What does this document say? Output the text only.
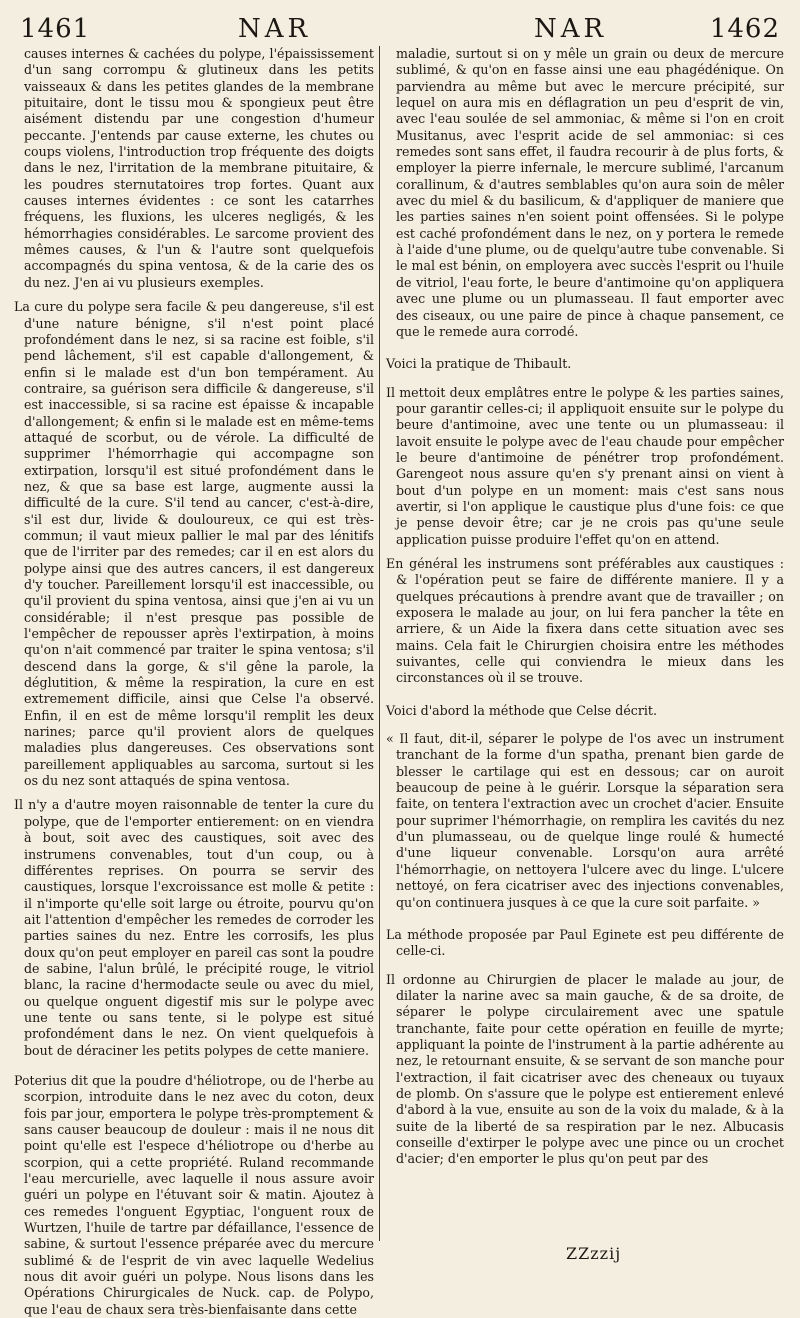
1461	NAR	NAR	1462

causes internes & cachées du polype, l'épaississement d'un sang corrompu & glutineux dans les petits vaisseaux & dans les petites glandes de la membrane pituitaire, dont le tissu mou & spongieux peut être aisément distendu par une congestion d'humeur peccante. J'entends par cause externe, les chutes ou coups violens, l'introduction trop fréquente des doigts dans le nez, l'irritation de la membrane pituitaire, & les poudres sternutatoires trop fortes. Quant aux causes internes évidentes : ce sont les catarrhes fréquens, les fluxions, les ulceres negligés, & les hémorrhagies considérables. Le sarcome provient des mêmes causes, & l'un & l'autre sont quelquefois accompagnés du spina ventosa, & de la carie des os du nez. J'en ai vu plusieurs exemples.

La cure du polype sera facile & peu dangereuse, s'il est d'une nature bénigne, s'il n'est point placé profondément dans le nez, si sa racine est foible, s'il pend lâchement, s'il est capable d'allongement, & enfin si le malade est d'un bon tempérament. Au contraire, sa guérison sera difficile & dangereuse, s'il est inaccessible, si sa racine est épaisse & incapable d'allongement; & enfin si le malade est en même-tems attaqué de scorbut, ou de vérole. La difficulté de supprimer l'hémorrhagie qui accompagne son extirpation, lorsqu'il est situé profondément dans le nez, & que sa base est large, augmente aussi la difficulté de la cure. S'il tend au cancer, c'est-à-dire, s'il est dur, livide & douloureux, ce qui est très-commun; il vaut mieux pallier le mal par des lénitifs que de l'irriter par des remedes; car il en est alors du polype ainsi que des autres cancers, il est dangereux d'y toucher. Pareillement lorsqu'il est inaccessible, ou qu'il provient du spina ventosa, ainsi que j'en ai vu un considérable; il n'est presque pas possible de l'empêcher de repousser après l'extirpation, à moins qu'on n'ait commencé par traiter le spina ventosa; s'il descend dans la gorge, & s'il gêne la parole, la déglutition, & même la respiration, la cure en est extremement difficile, ainsi que Celse l'a observé. Enfin, il en est de même lorsqu'il remplit les deux narines; parce qu'il provient alors de quelques maladies plus dangereuses. Ces observations sont pareillement appliquables au sarcoma, surtout si les os du nez sont attaqués de spina ventosa.

Il n'y a d'autre moyen raisonnable de tenter la cure du polype, que de l'emporter entierement: on en viendra à bout, soit avec des caustiques, soit avec des instrumens convenables, tout d'un coup, ou à différentes reprises. On pourra se servir des caustiques, lorsque l'excroissance est molle & petite : il n'importe qu'elle soit large ou étroite, pourvu qu'on ait l'attention d'empêcher les remedes de corroder les parties saines du nez. Entre les corrosifs, les plus doux qu'on peut employer en pareil cas sont la poudre de sabine, l'alun brûlé, le précipité rouge, le vitriol blanc, la racine d'hermodacte seule ou avec du miel, ou quelque onguent digestif mis sur le polype avec une tente ou sans tente, si le polype est situé profondément dans le nez. On vient quelquefois à bout de déraciner les petits polypes de cette maniere.

Poterius dit que la poudre d'héliotrope, ou de l'herbe au scorpion, introduite dans le nez avec du coton, deux fois par jour, emportera le polype très-promptement & sans causer beaucoup de douleur : mais il ne nous dit point qu'elle est l'espece d'héliotrope ou d'herbe au scorpion, qui a cette propriété. Ruland recommande l'eau mercurielle, avec laquelle il nous assure avoir guéri un polype en l'étuvant soir & matin. Ajoutez à ces remedes l'onguent Egyptiac, l'onguent roux de Wurtzen, l'huile de tartre par défaillance, l'essence de sabine, & surtout l'essence préparée avec du mercure sublimé & de l'esprit de vin avec laquelle Wedelius nous dit avoir guéri un polype. Nous lisons dans les Opérations Chirurgicales de Nuck. cap. de Polypo, que l'eau de chaux sera très-bienfaisante dans cette

maladie, surtout si on y mêle un grain ou deux de mercure sublimé, & qu'on en fasse ainsi une eau phagédénique. On parviendra au même but avec le mercure précipité, sur lequel on aura mis en déflagration un peu d'esprit de vin, avec l'eau soulée de sel ammoniac, & même si l'on en croit Musitanus, avec l'esprit acide de sel ammoniac: si ces remedes sont sans effet, il faudra recourir à de plus forts, & employer la pierre infernale, le mercure sublimé, l'arcanum corallinum, & d'autres semblables qu'on aura soin de mêler avec du miel & du basilicum, & d'appliquer de maniere que les parties saines n'en soient point offensées. Si le polype est caché profondément dans le nez, on y portera le remede à l'aide d'une plume, ou de quelqu'autre tube convenable. Si le mal est bénin, on employera avec succès l'esprit ou l'huile de vitriol, l'eau forte, le beure d'antimoine qu'on appliquera avec une plume ou un plumasseau. Il faut emporter avec des ciseaux, ou une paire de pince à chaque pansement, ce que le remede aura corrodé.

Voici la pratique de Thibault.

Il mettoit deux emplâtres entre le polype & les parties saines, pour garantir celles-ci; il appliquoit ensuite sur le polype du beure d'antimoine, avec une tente ou un plumasseau: il lavoit ensuite le polype avec de l'eau chaude pour empêcher le beure d'antimoine de pénétrer trop profondément. Garengeot nous assure qu'en s'y prenant ainsi on vient à bout d'un polype en un moment: mais c'est sans nous avertir, si l'on applique le caustique plus d'une fois: ce que je pense devoir être; car je ne crois pas qu'une seule application puisse produire l'effet qu'on en attend.

En général les instrumens sont préférables aux caustiques : & l'opération peut se faire de différente maniere. Il y a quelques précautions à prendre avant que de travailler ; on exposera le malade au jour, on lui fera pancher la tête en arriere, & un Aide la fixera dans cette situation avec ses mains. Cela fait le Chirurgien choisira entre les méthodes suivantes, celle qui conviendra le mieux dans les circonstances où il se trouve.

Voici d'abord la méthode que Celse décrit.

« Il faut, dit-il, séparer le polype de l'os avec un instrument tranchant de la forme d'un spatha, prenant bien garde de blesser le cartilage qui est en dessous; car on auroit beaucoup de peine à le guérir. Lorsque la séparation sera faite, on tentera l'extraction avec un crochet d'acier. Ensuite pour suprimer l'hémorrhagie, on remplira les cavités du nez d'un plumasseau, ou de quelque linge roulé & humecté d'une liqueur convenable. Lorsqu'on aura arrêté l'hémorrhagie, on nettoyera l'ulcere avec du linge. L'ulcere nettoyé, on fera cicatriser avec des injections convenables, qu'on continuera jusques à ce que la cure soit parfaite. »

La méthode proposée par Paul Eginete est peu différente de celle-ci.

Il ordonne au Chirurgien de placer le malade au jour, de dilater la narine avec sa main gauche, & de sa droite, de séparer le polype circulairement avec une spatule tranchante, faite pour cette opération en feuille de myrte; appliquant la pointe de l'instrument à la partie adhérente au nez, le retournant ensuite, & se servant de son manche pour l'extraction, il fait cicatriser avec des cheneaux ou tuyaux de plomb. On s'assure que le polype est entierement enlevé d'abord à la vue, ensuite au son de la voix du malade, & à la suite de la liberté de sa respiration par le nez. Albucasis conseille d'extirper le polype avec une pince ou un crochet d'acier; d'en emporter le plus qu'on peut par des

ZZzzij
